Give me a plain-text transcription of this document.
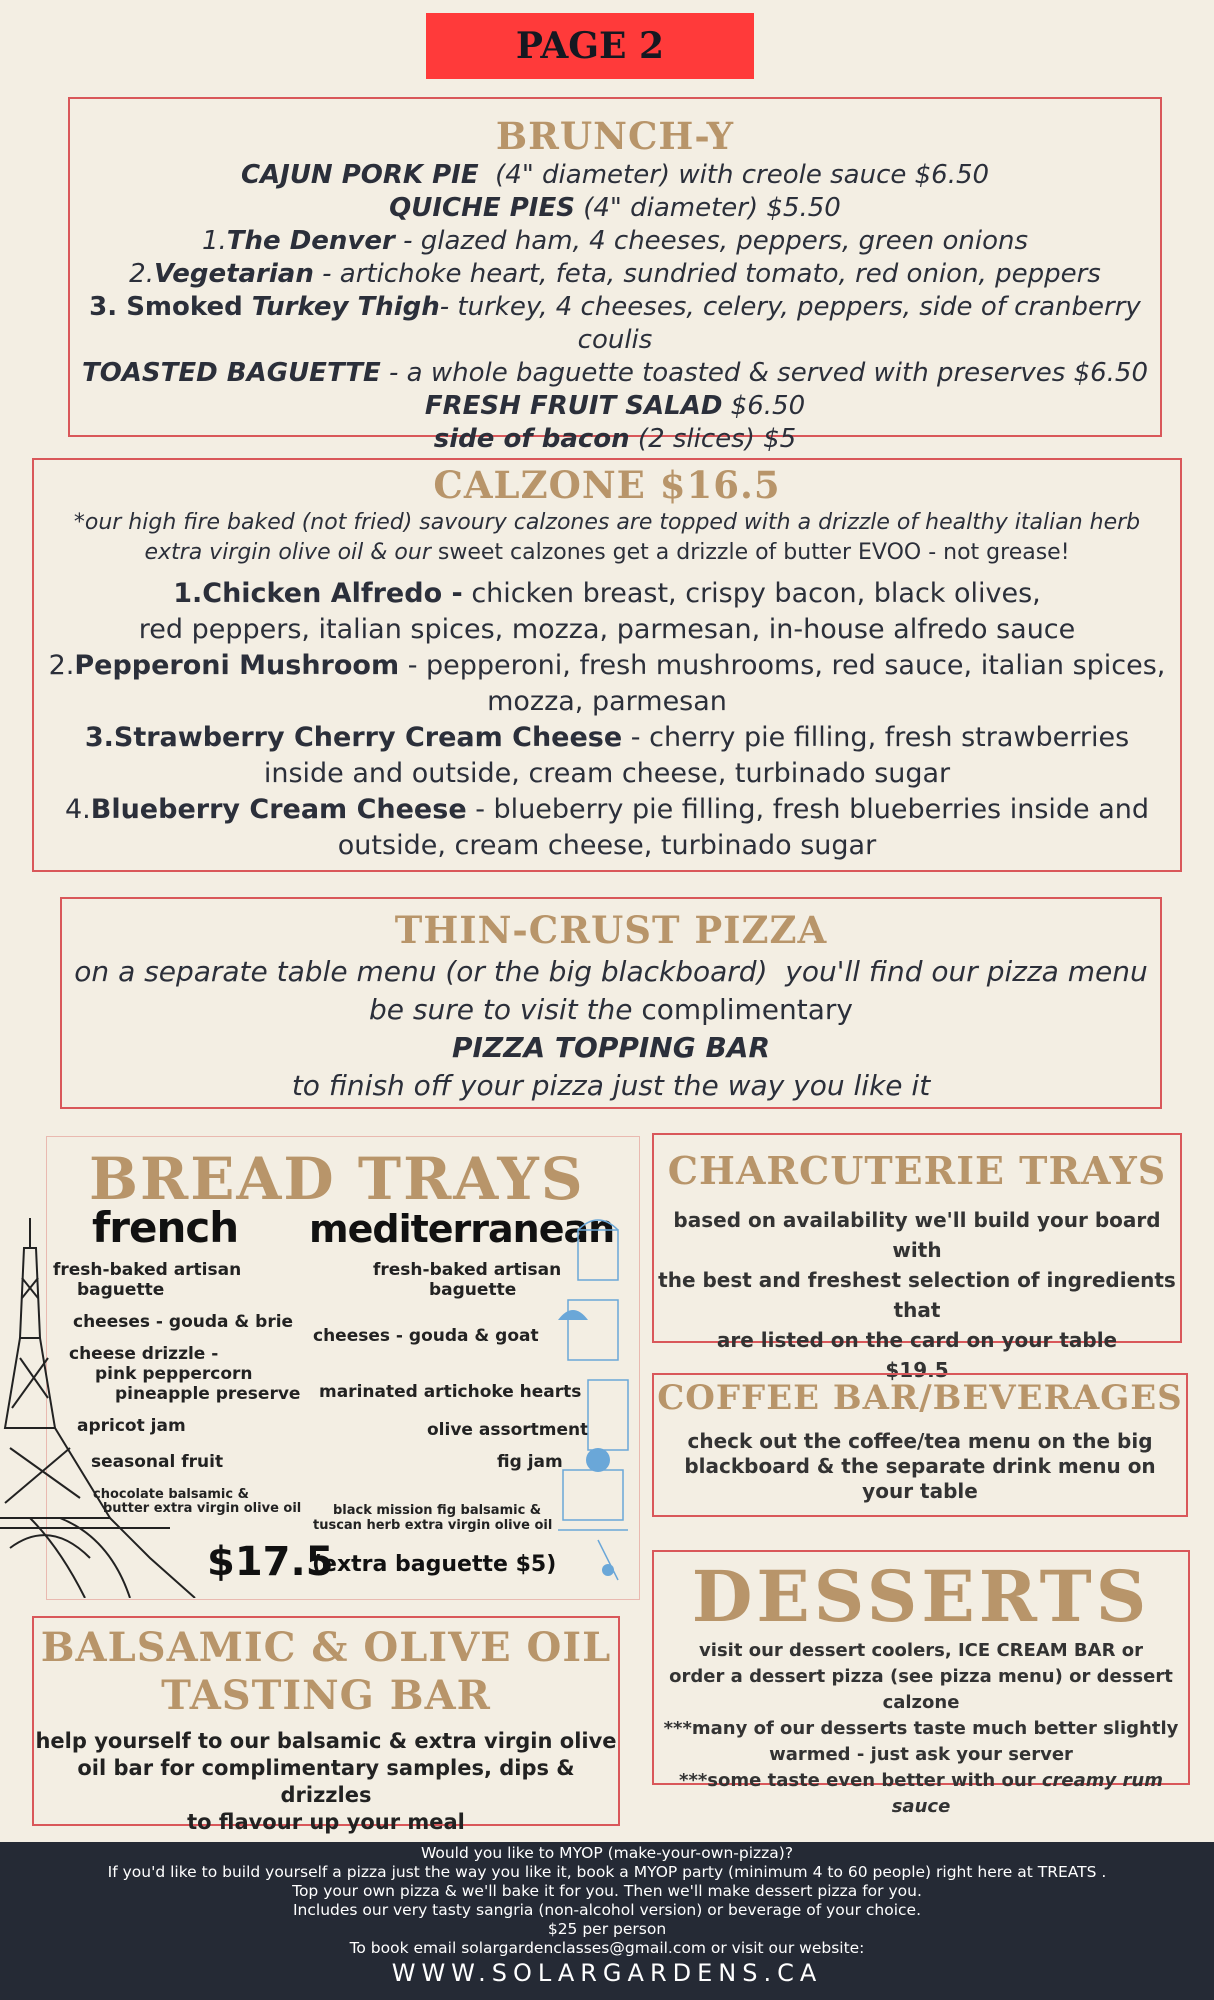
PAGE 2
BRUNCH-Y
CAJUN PORK PIE  (4" diameter) with creole sauce $6.50
QUICHE PIES (4" diameter) $5.50
1.The Denver - glazed ham, 4 cheeses, peppers, green onions
2.Vegetarian - artichoke heart, feta, sundried tomato, red onion, peppers
3. Smoked Turkey Thigh- turkey, 4 cheeses, celery, peppers, side of cranberry coulis
TOASTED BAGUETTE - a whole baguette toasted & served with preserves $6.50
FRESH FRUIT SALAD $6.50
side of bacon (2 slices) $5
CALZONE $16.5
*our high fire baked (not fried) savoury calzones are topped with a drizzle of healthy italian herb extra virgin olive oil & our sweet calzones get a drizzle of butter EVOO - not grease!
1.Chicken Alfredo - chicken breast, crispy bacon, black olives,
red peppers, italian spices, mozza, parmesan, in-house alfredo sauce
2.Pepperoni Mushroom - pepperoni, fresh mushrooms, red sauce, italian spices,
mozza, parmesan
3.Strawberry Cherry Cream Cheese - cherry pie filling, fresh strawberries
inside and outside, cream cheese, turbinado sugar
4.Blueberry Cream Cheese - blueberry pie filling, fresh blueberries inside and
outside, cream cheese, turbinado sugar
THIN-CRUST PIZZA
on a separate table menu (or the big blackboard)  you'll find our pizza menu
be sure to visit the complimentary
PIZZA TOPPING BAR
to finish off your pizza just the way you like it
BREAD TRAYS
french mediterranean
fresh-baked artisan
baguette
cheeses - gouda & brie
cheese drizzle -
pink peppercorn
pineapple preserve
apricot jam
seasonal fruit
chocolate balsamic &
butter extra virgin olive oil
fresh-baked artisan
baguette
cheeses - gouda & goat
marinated artichoke hearts
olive assortment
fig jam
black mission fig balsamic &
tuscan herb extra virgin olive oil
$17.5
(extra baguette $5)
CHARCUTERIE TRAYS
based on availability we'll build your board with
the best and freshest selection of ingredients that
are listed on the card on your table
$19.5
COFFEE BAR/BEVERAGES
check out the coffee/tea menu on the big blackboard & the separate drink menu on your table
DESSERTS
visit our dessert coolers, ICE CREAM BAR or
order a dessert pizza (see pizza menu) or dessert calzone
***many of our desserts taste much better slightly
warmed - just ask your server
***some taste even better with our creamy rum sauce
BALSAMIC & OLIVE OIL
TASTING BAR
help yourself to our balsamic & extra virgin olive
oil bar for complimentary samples, dips & drizzles
to flavour up your meal
Would you like to MYOP (make-your-own-pizza)?
If you'd like to build yourself a pizza just the way you like it, book a MYOP party (minimum 4 to 60 people) right here at TREATS .
Top your own pizza & we'll bake it for you. Then we'll make dessert pizza for you.
Includes our very tasty sangria (non-alcohol version) or beverage of your choice.
$25 per person
To book email solargardenclasses@gmail.com or visit our website:
WWW.SOLARGARDENS.CA
